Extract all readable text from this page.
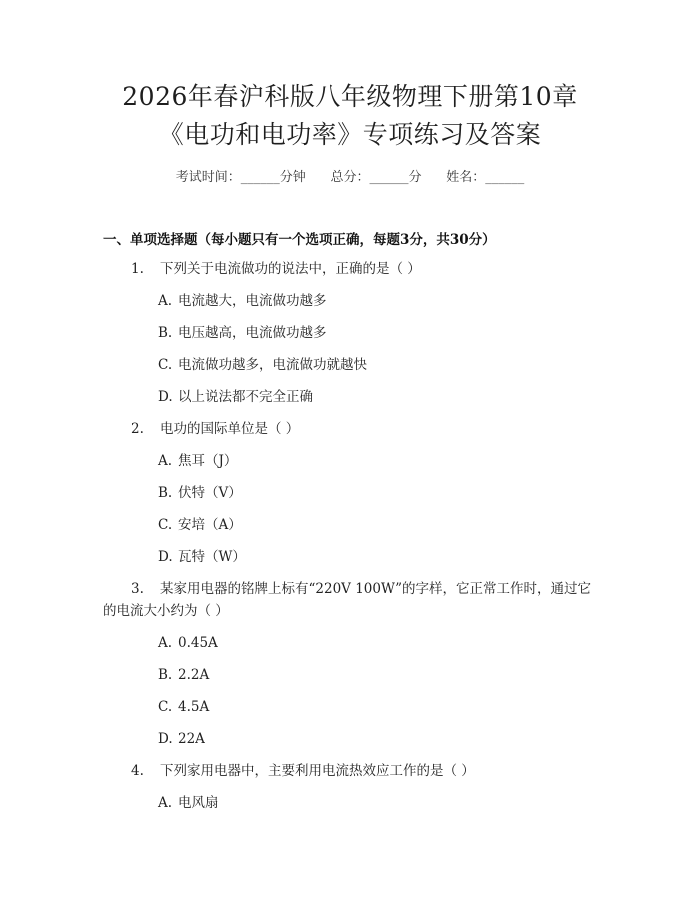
2026年春沪科版八年级物理下册第10章
《电功和电功率》专项练习及答案
考试时间：______分钟      总分：______分      姓名：______
一、单项选择题（每小题只有一个选项正确，每题3分，共30分）
1. 下列关于电流做功的说法中，正确的是（ ）
A. 电流越大，电流做功越多
B. 电压越高，电流做功越多
C. 电流做功越多，电流做功就越快
D. 以上说法都不完全正确
2. 电功的国际单位是（ ）
A. 焦耳（J）
B. 伏特（V）
C. 安培（A）
D. 瓦特（W）
3. 某家用电器的铭牌上标有“220V 100W”的字样，它正常工作时，通过它
的电流大小约为（ ）
A. 0.45A
B. 2.2A
C. 4.5A
D. 22A
4. 下列家用电器中，主要利用电流热效应工作的是（ ）
A. 电风扇
